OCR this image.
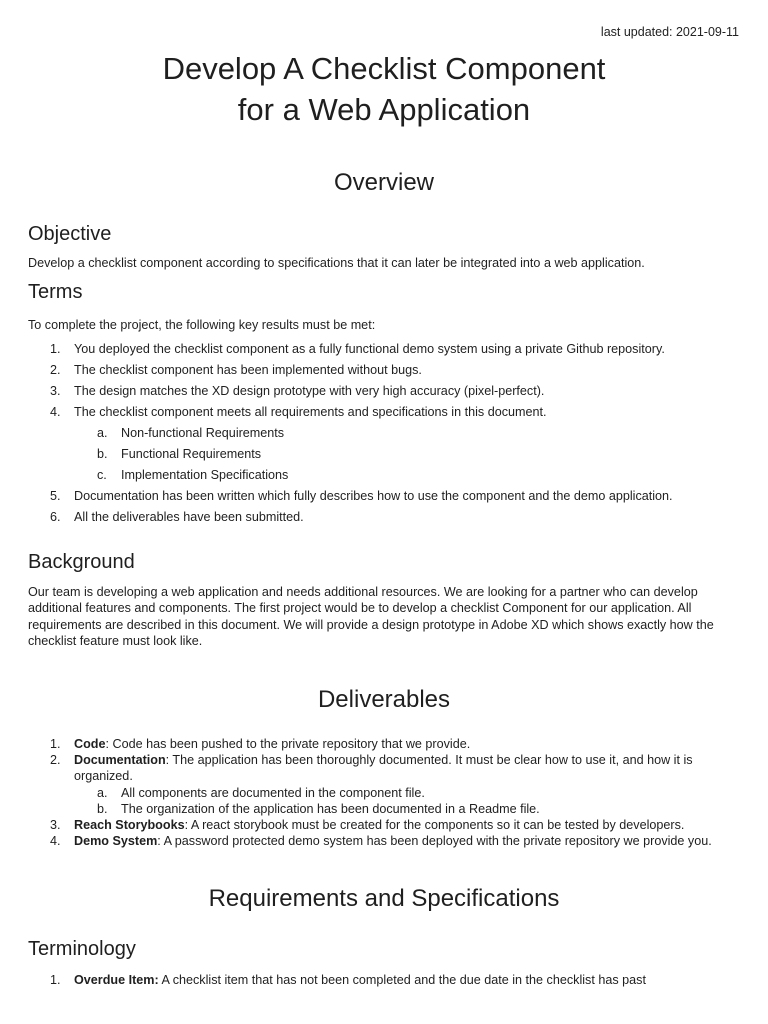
last updated: 2021-09-11
Develop A Checklist Component
for a Web Application
Overview
Objective

Develop a checklist component according to specifications that it can later be integrated into a web application.

Terms

To complete the project, the following key results must be met:

1. You deployed the checklist component as a fully functional demo system using a private Github repository.
2. The checklist component has been implemented without bugs.
3. The design matches the XD design prototype with very high accuracy (pixel-perfect).
4. The checklist component meets all requirements and specifications in this document.
a. Non-functional Requirements
b. Functional Requirements
c. Implementation Specifications
5. Documentation has been written which fully describes how to use the component and the demo application.
6. All the deliverables have been submitted.
Background

Our team is developing a web application and needs additional resources. We are looking for a partner who can develop additional features and components. The first project would be to develop a checklist Component for our application. All requirements are described in this document. We will provide a design prototype in Adobe XD which shows exactly how the checklist feature must look like.

Deliverables
1. Code: Code has been pushed to the private repository that we provide.
2. Documentation: The application has been thoroughly documented. It must be clear how to use it, and how it is organized.
a. All components are documented in the component file.
b. The organization of the application has been documented in a Readme file.
3. Reach Storybooks: A react storybook must be created for the components so it can be tested by developers.
4. Demo System: A password protected demo system has been deployed with the private repository we provide you.
Requirements and Specifications
Terminology
1. Overdue Item: A checklist item that has not been completed and the due date in the checklist has past
